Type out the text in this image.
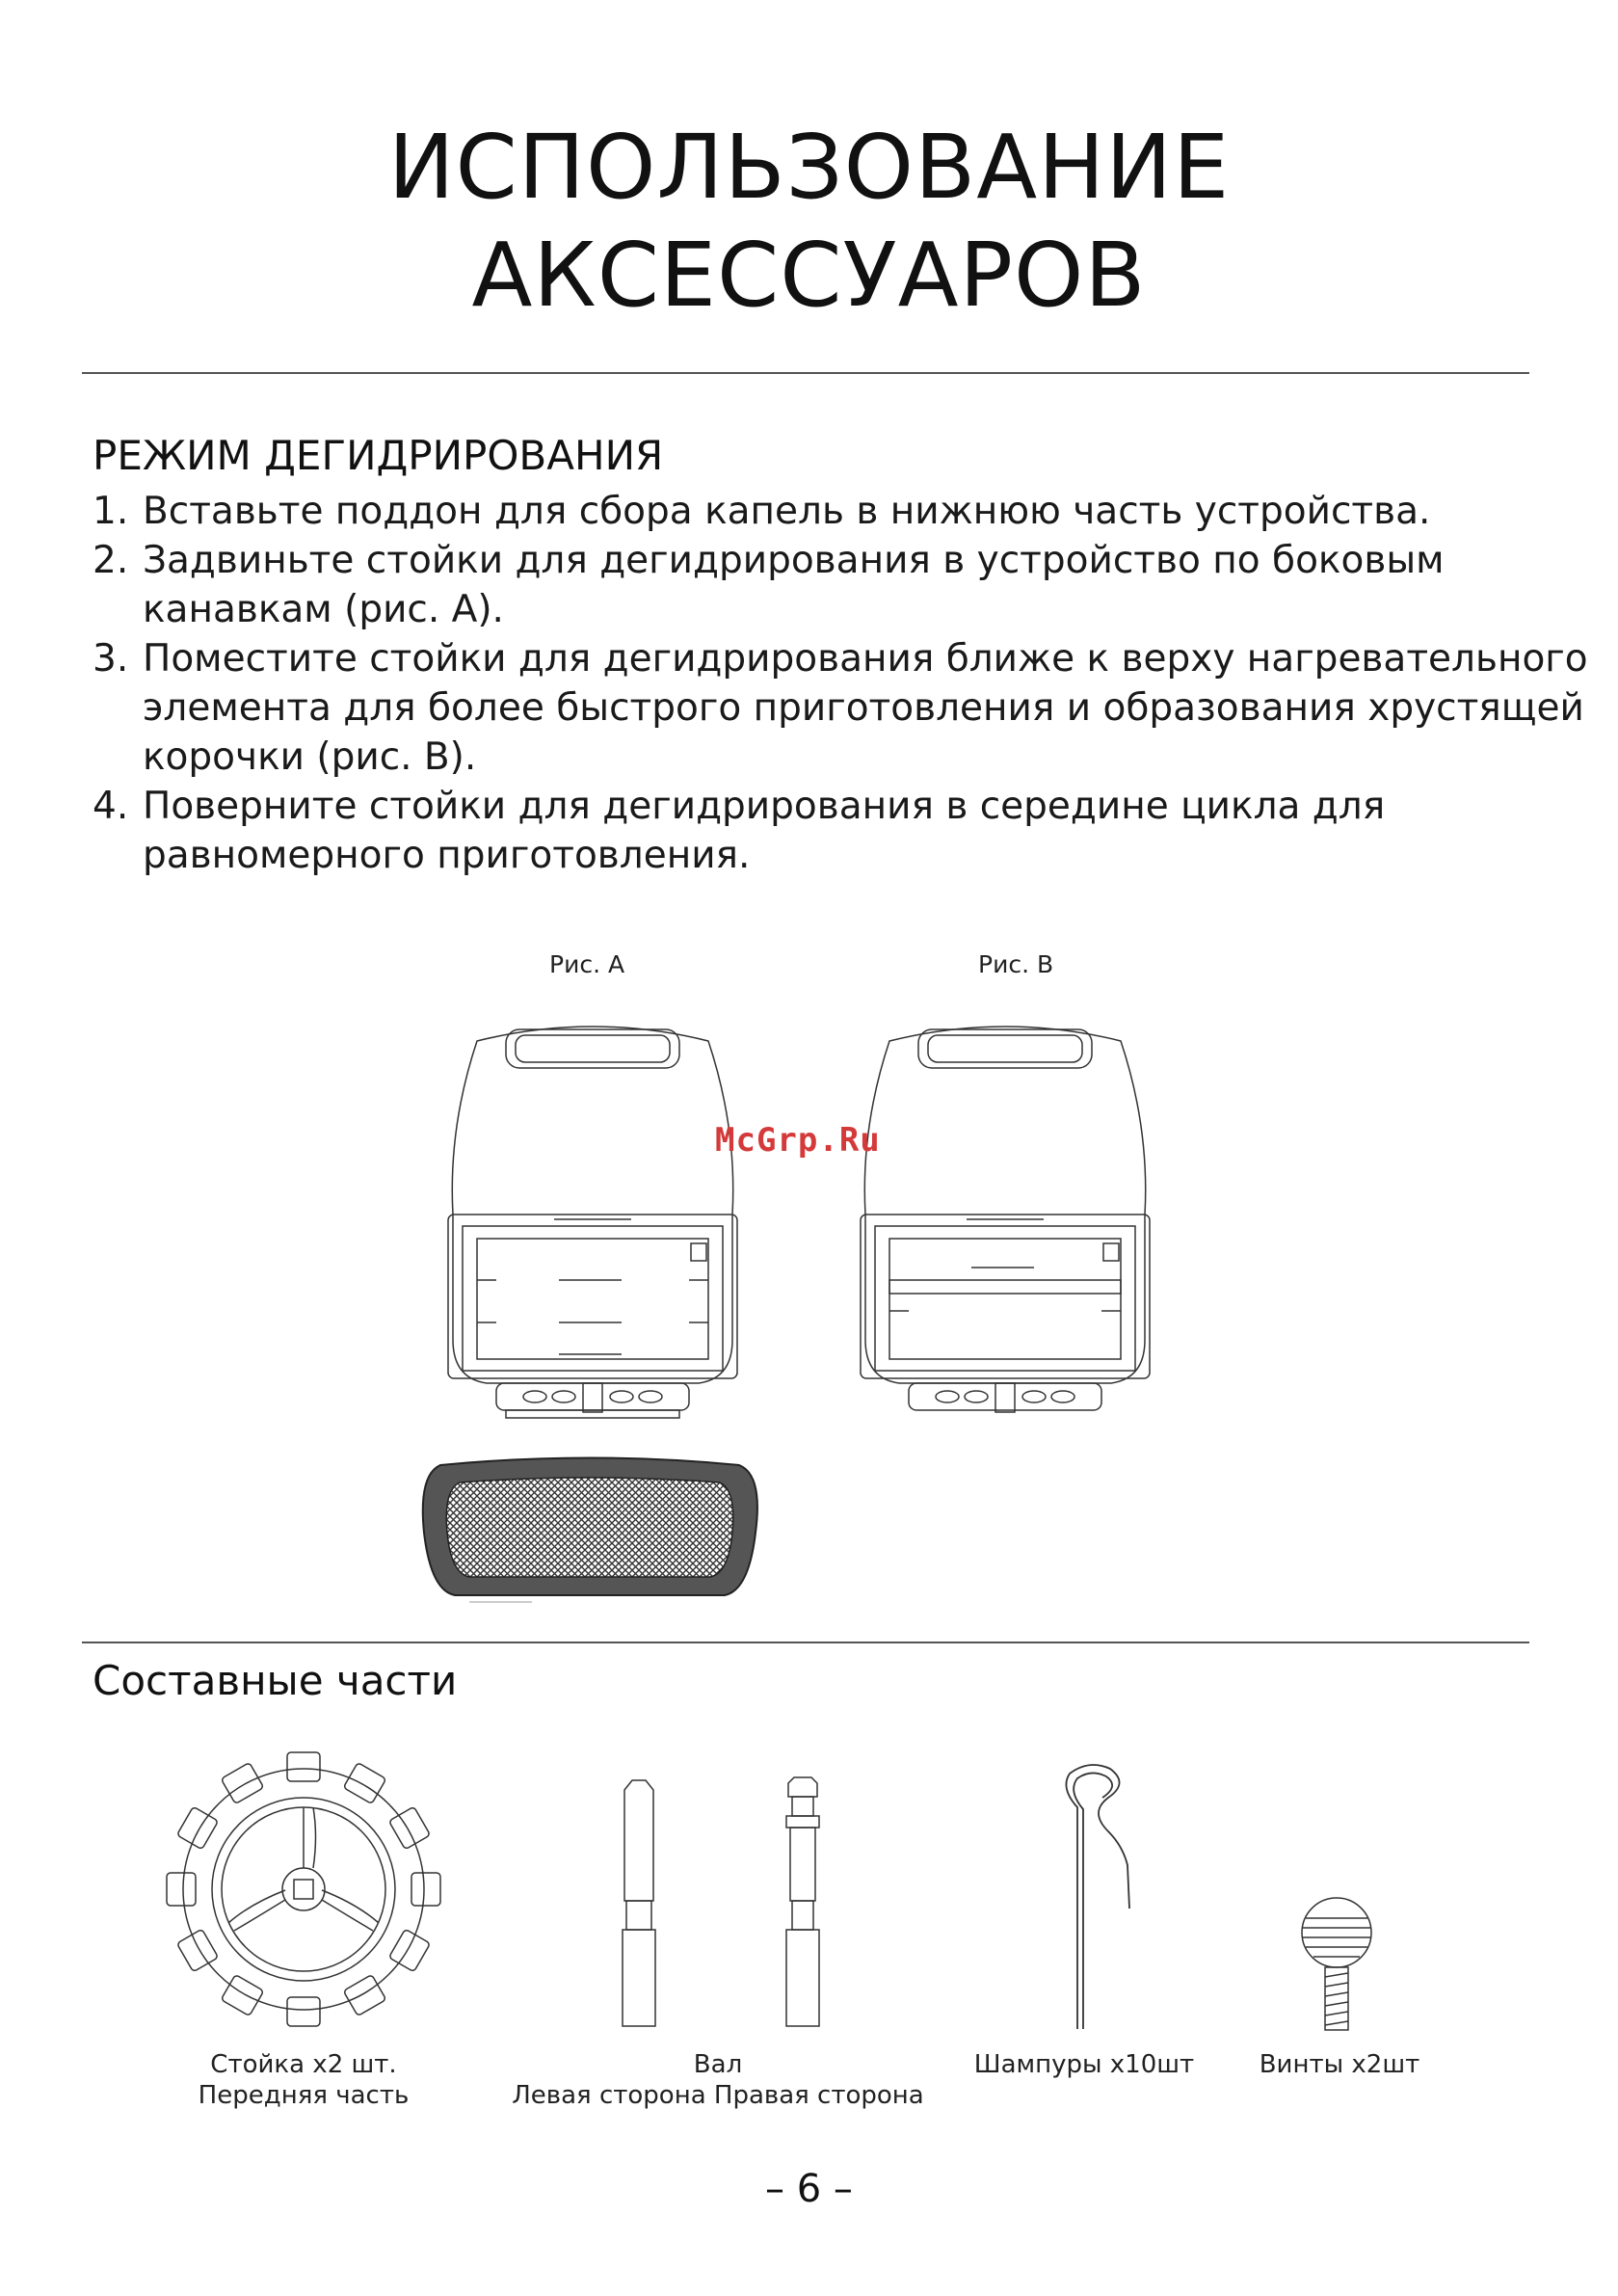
ИСПОЛЬЗОВАНИЕ
АКСЕССУАРОВ
РЕЖИМ ДЕГИДРИРОВАНИЯ
1. Вставьте поддон для сбора капель в нижнюю часть устройства.
2. Задвиньте стойки для дегидрирования в устройство по боковым канавкам (рис. A).
3. Поместите стойки для дегидрирования ближе к верху нагревательного элемента для более быстрого приготовления и образования хрустящей корочки (рис. B).
4. Поверните стойки для дегидрирования в середине цикла для равномерного приготовления.
Рис. A	Рис. B
McGrp.Ru
Составные части
Стойка x2 шт.
Передняя часть
Вал
Левая сторона Правая сторона
Шампуры x10шт	Винты x2шт
– 6 –
